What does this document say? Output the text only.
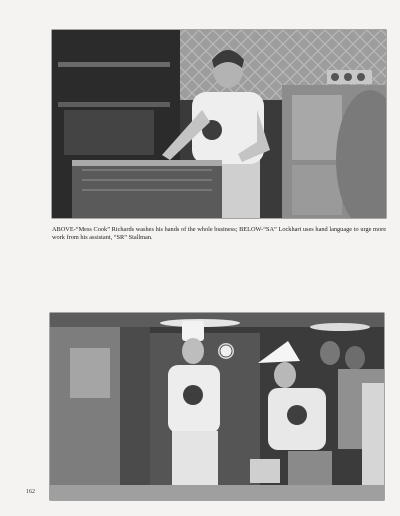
ABOVE-“Mess Cook” Richards washes his hands of the whole business; BELOW-“SA” Lockhart uses hand language to urge more work from his assistant, “SR” Stallman.

162
